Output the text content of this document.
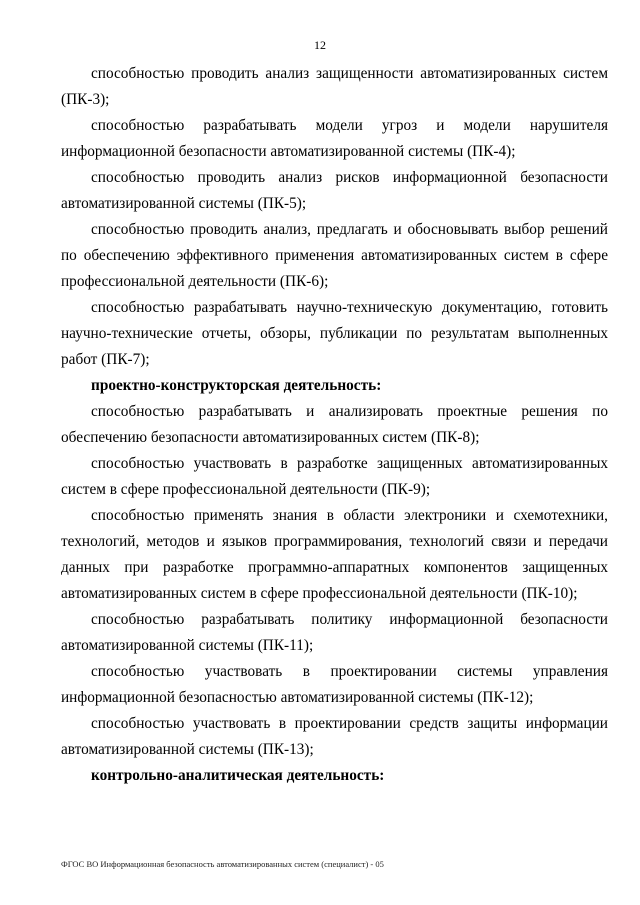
12

способностью проводить анализ защищенности автоматизированных систем (ПК-3);

способностью разрабатывать модели угроз и модели нарушителя информационной безопасности автоматизированной системы (ПК-4);

способностью проводить анализ рисков информационной безопасности автоматизированной системы (ПК-5);

способностью проводить анализ, предлагать и обосновывать выбор решений по обеспечению эффективного применения автоматизированных систем в сфере профессиональной деятельности (ПК-6);

способностью разрабатывать научно-техническую документацию, готовить научно-технические отчеты, обзоры, публикации по результатам выполненных работ (ПК-7);

проектно-конструкторская деятельность:

способностью разрабатывать и анализировать проектные решения по обеспечению безопасности автоматизированных систем (ПК-8);

способностью участвовать в разработке защищенных автоматизированных систем в сфере профессиональной деятельности (ПК-9);

способностью применять знания в области электроники и схемотехники, технологий, методов и языков программирования, технологий связи и передачи данных при разработке программно-аппаратных компонентов защищенных автоматизированных систем в сфере профессиональной деятельности (ПК-10);

способностью разрабатывать политику информационной безопасности автоматизированной системы (ПК-11);

способностью участвовать в проектировании системы управления информационной безопасностью автоматизированной системы (ПК-12);

способностью участвовать в проектировании средств защиты информации автоматизированной системы (ПК-13);

контрольно-аналитическая деятельность:

ФГОС ВО Информационная безопасность автоматизированных систем (специалист) - 05
